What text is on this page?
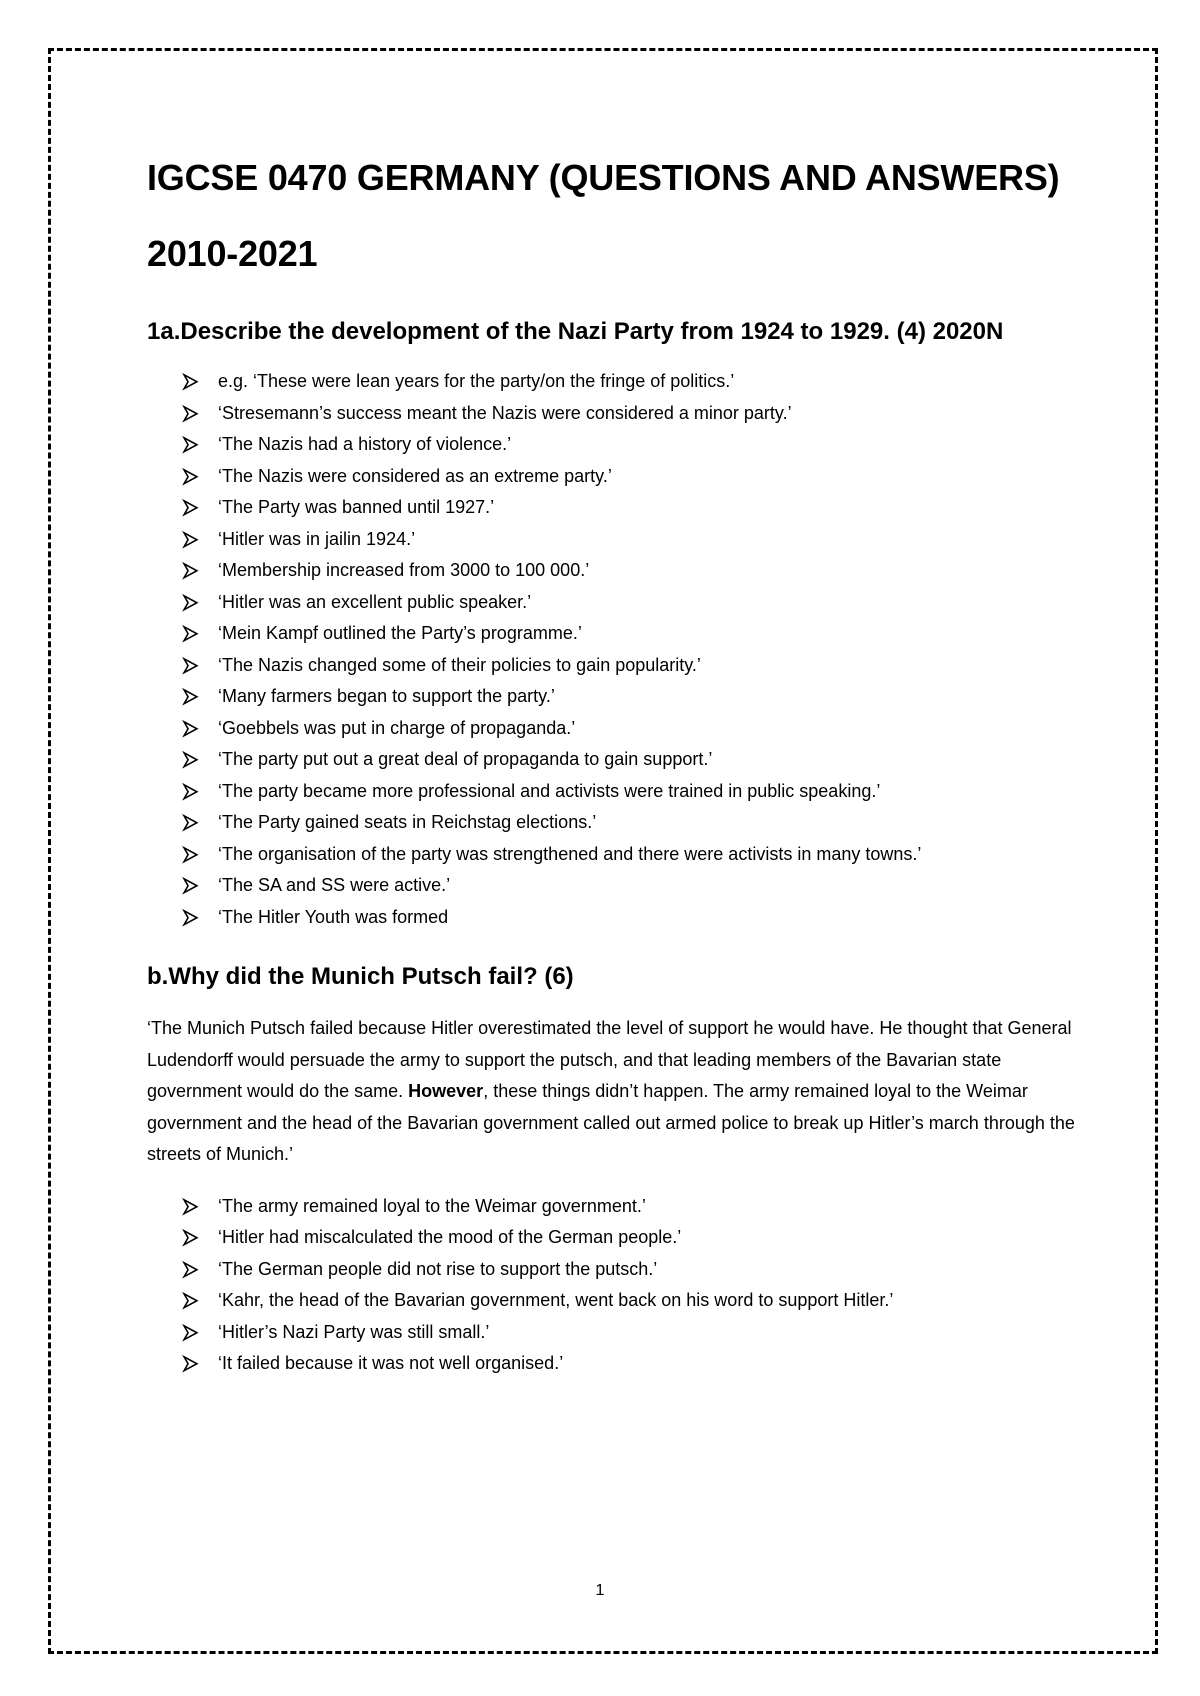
IGCSE 0470 GERMANY (QUESTIONS AND ANSWERS)
2010-2021
1a.Describe the development of the Nazi Party from 1924 to 1929. (4) 2020N
e.g. ‘These were lean years for the party/on the fringe of politics.’
‘Stresemann’s success meant the Nazis were considered a minor party.’
‘The Nazis had a history of violence.’
‘The Nazis were considered as an extreme party.’
‘The Party was banned until 1927.’
‘Hitler was in jailin 1924.’
‘Membership increased from 3000 to 100 000.’
‘Hitler was an excellent public speaker.’
‘Mein Kampf outlined the Party’s programme.’
‘The Nazis changed some of their policies to gain popularity.’
‘Many farmers began to support the party.’
‘Goebbels was put in charge of propaganda.’
‘The party put out a great deal of propaganda to gain support.’
‘The party became more professional and activists were trained in public speaking.’
‘The Party gained seats in Reichstag elections.’
‘The organisation of the party was strengthened and there were activists in many towns.’
‘The SA and SS were active.’
‘The Hitler Youth was formed
b.Why did the Munich Putsch fail? (6)

‘The Munich Putsch failed because Hitler overestimated the level of support he would have. He thought that General Ludendorff would persuade the army to support the putsch, and that leading members of the Bavarian state government would do the same. However, these things didn’t happen. The army remained loyal to the Weimar government and the head of the Bavarian government called out armed police to break up Hitler’s march through the streets of Munich.’

‘The army remained loyal to the Weimar government.’
‘Hitler had miscalculated the mood of the German people.’
‘The German people did not rise to support the putsch.’
‘Kahr, the head of the Bavarian government, went back on his word to support Hitler.’
‘Hitler’s Nazi Party was still small.’
‘It failed because it was not well organised.’
1
